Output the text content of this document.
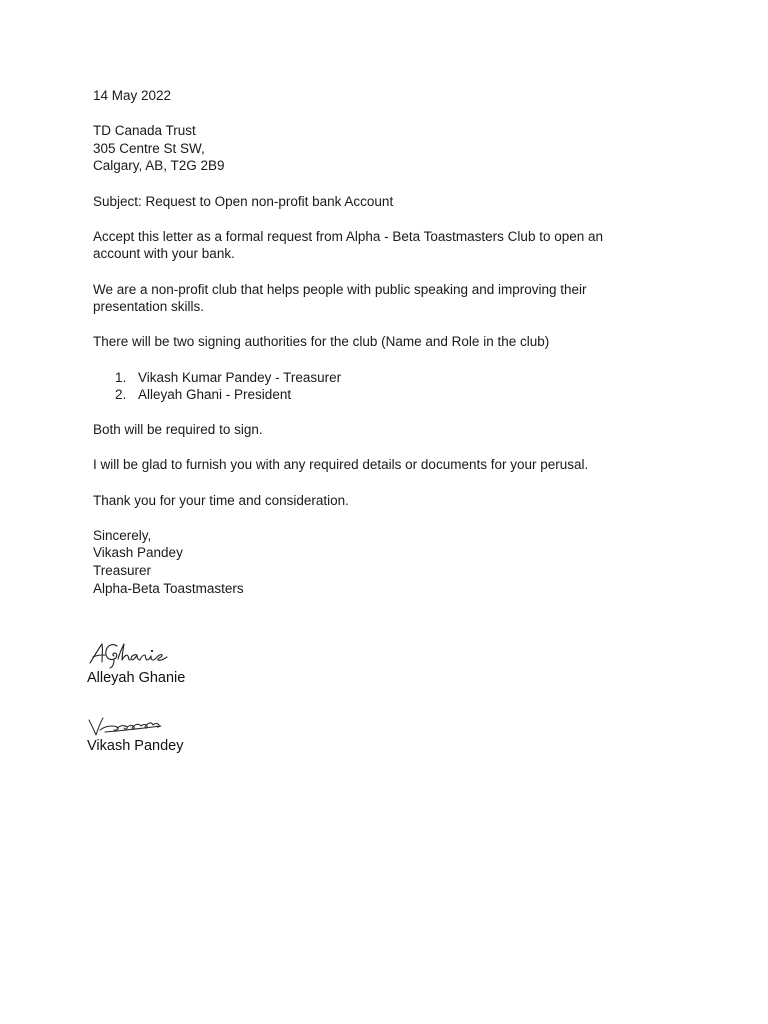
14 May 2022

TD Canada Trust

305 Centre St SW,

Calgary, AB, T2G 2B9

Subject: Request to Open non-profit bank Account

Accept this letter as a formal request from Alpha - Beta Toastmasters Club to open an

account with your bank.

We are a non-profit club that helps people with public speaking and improving their

presentation skills.

There will be two signing authorities for the club (Name and Role in the club)

1. Vikash Kumar Pandey - Treasurer
2. Alleyah Ghani - President

Both will be required to sign.

I will be glad to furnish you with any required details or documents for your perusal.

Thank you for your time and consideration.

Sincerely,

Vikash Pandey

Treasurer

Alpha-Beta Toastmasters

Alleyah Ghanie
Vikash Pandey
